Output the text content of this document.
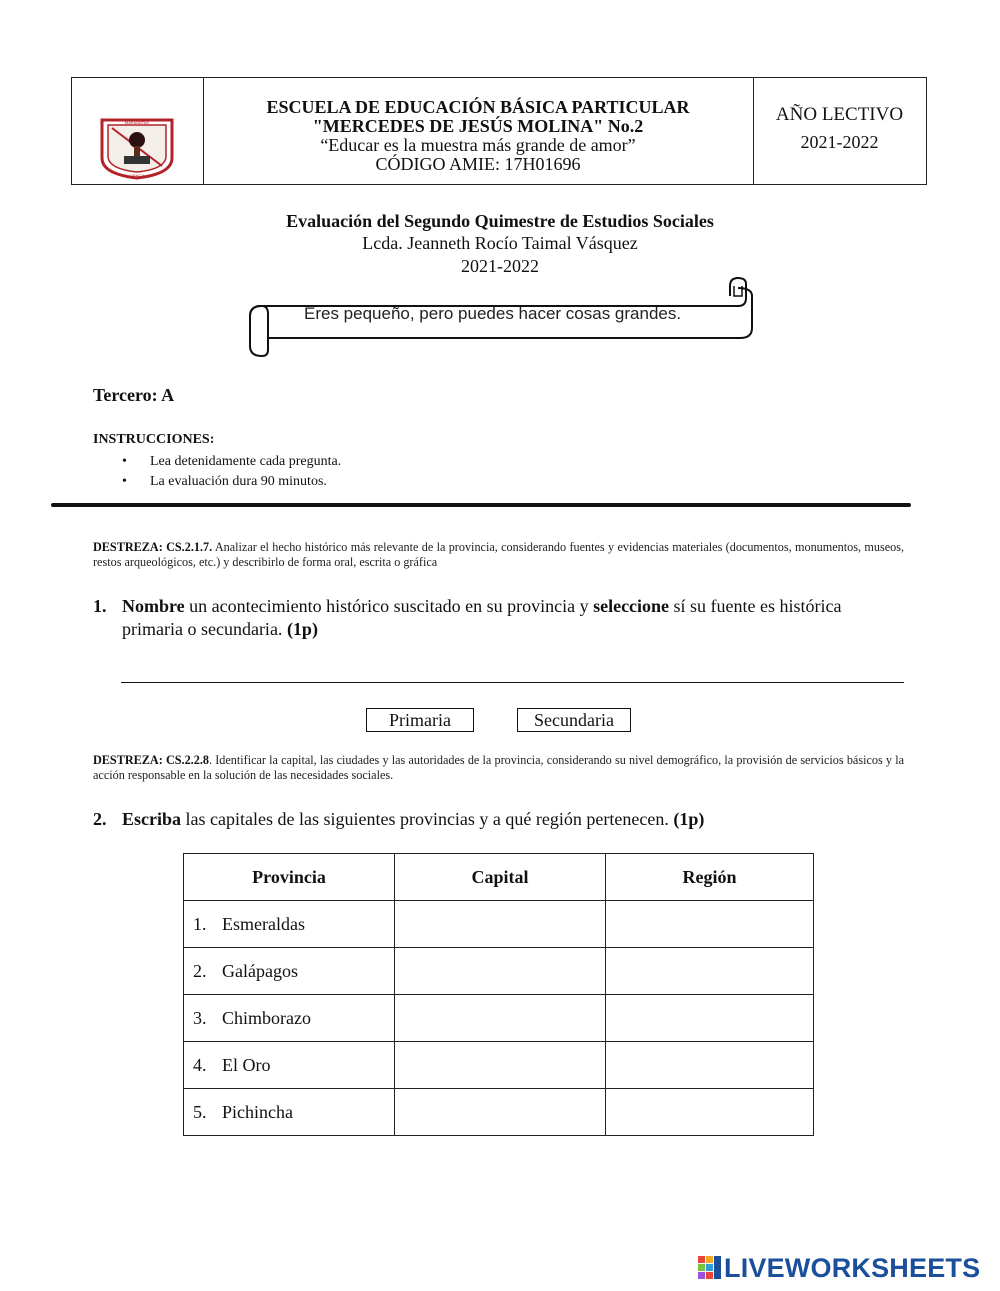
MARIANITAS
CIENCIA
ESCUELA DE EDUCACIÓN BÁSICA PARTICULAR
"MERCEDES DE JESÚS MOLINA" No.2
“Educar es la muestra más grande de amor”
CÓDIGO AMIE: 17H01696
AÑO LECTIVO
2021-2022
Evaluación del Segundo Quimestre de Estudios Sociales
Lcda. Jeanneth Rocío Taimal Vásquez
2021-2022
Eres pequeño, pero puedes hacer cosas grandes.
Tercero: A
INSTRUCCIONES:
• Lea detenidamente cada pregunta.
• La evaluación dura 90 minutos.
DESTREZA: CS.2.1.7. Analizar el hecho histórico más relevante de la provincia, considerando fuentes y evidencias materiales (documentos, monumentos, museos, restos arqueológicos, etc.) y describirlo de forma oral, escrita o gráfica
1. Nombre un acontecimiento histórico suscitado en su provincia y seleccione sí su fuente es histórica primaria o secundaria. (1p)
Primaria	Secundaria
DESTREZA: CS.2.2.8. Identificar la capital, las ciudades y las autoridades de la provincia, considerando su nivel demográfico, la provisión de servicios básicos y la acción responsable en la solución de las necesidades sociales.
2. Escriba las capitales de las siguientes provincias y a qué región pertenecen. (1p)
Provincia	Capital	Región
1. Esmeraldas		
2. Galápagos		
3. Chimborazo		
4. El Oro		
5. Pichincha		
LIVEWORKSHEETS
